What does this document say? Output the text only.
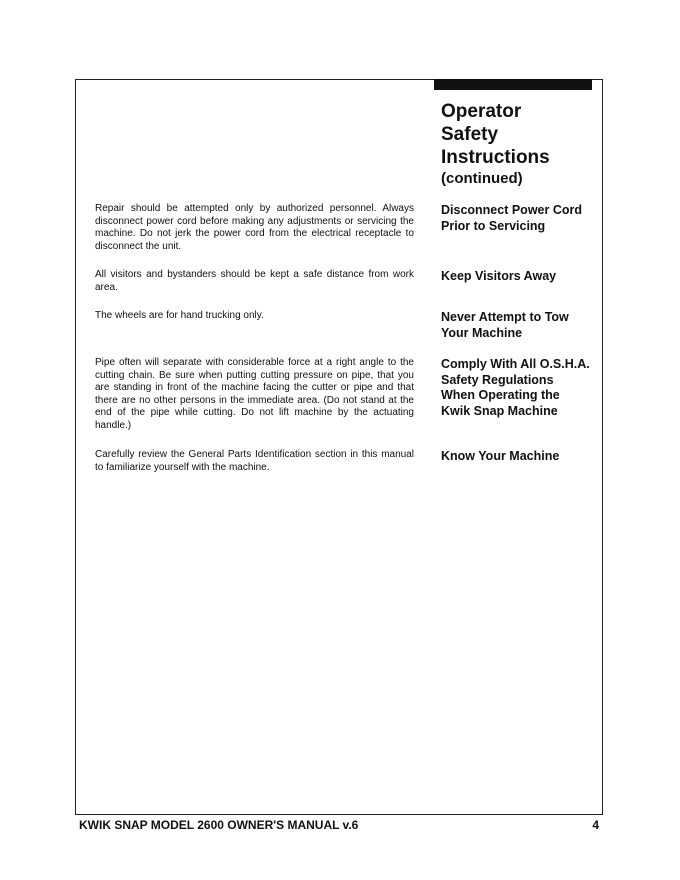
Operator
Safety
Instructions
(continued)

Repair should be attempted only by authorized personnel. Always disconnect power cord before making any adjustments or servicing the machine. Do not jerk the power cord from the electrical receptacle to disconnect the unit.

Disconnect Power Cord Prior to Servicing

All visitors and bystanders should be kept a safe distance from work area.

Keep Visitors Away

The wheels are for hand trucking only.	Never Attempt to Tow Your Machine

Pipe often will separate with considerable force at a right angle to the cutting chain. Be sure when putting cutting pressure on pipe, that you are standing in front of the machine facing the cutter or pipe and that there are no other persons in the immediate area. (Do not stand at the end of the pipe while cutting. Do not lift machine by the actuating handle.)

Comply With All O.S.H.A. Safety Regulations When Operating the Kwik Snap Machine

Carefully review the General Parts Identification section in this manual to familiarize yourself with the machine.

Know Your Machine
KWIK SNAP MODEL 2600 OWNER'S MANUAL v.6	4
